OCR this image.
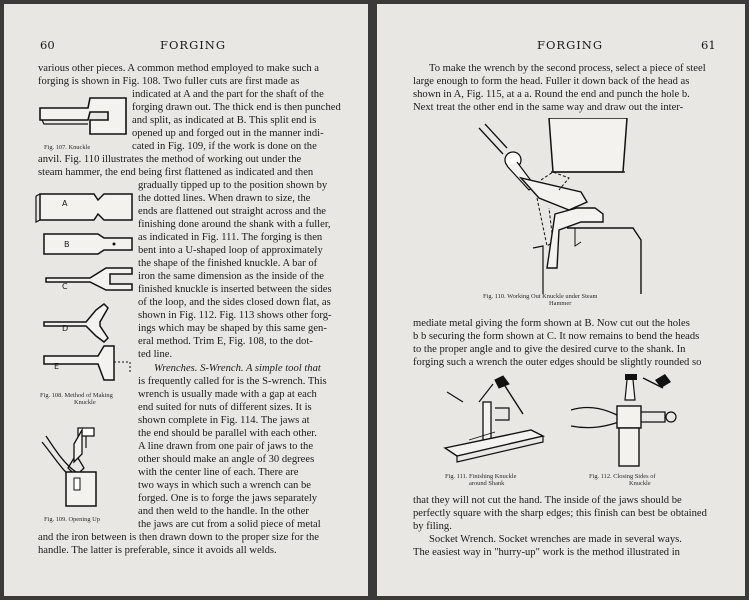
60	FORGING
various other pieces. A common method employed to make such a
forging is shown in Fig. 108. Two fuller cuts are first made as
indicated at A and the part for the shaft of the
forging drawn out. The thick end is then punched
and split, as indicated at B. This split end is
opened up and forged out in the manner indi-
cated in Fig. 109, if the work is done on the
anvil. Fig. 110 illustrates the method of working out under the
steam hammer, the end being first flattened as indicated and then
gradually tipped up to the position shown by
the dotted lines. When drawn to size, the
ends are flattened out straight across and the
finishing done around the shank with a fuller,
as indicated in Fig. 111. The forging is then
bent into a U-shaped loop of approximately
the shape of the finished knuckle. A bar of
iron the same dimension as the inside of the
finished knuckle is inserted between the sides
of the loop, and the sides closed down flat, as
shown in Fig. 112. Fig. 113 shows other forg-
ings which may be shaped by this same gen-
eral method. Trim E, Fig. 108, to the dot-
ted line.
Wrenches. S-Wrench. A simple tool that
is frequently called for is the S-wrench. This
wrench is usually made with a gap at each
end suited for nuts of different sizes. It is
shown complete in Fig. 114. The jaws at
the end should be parallel with each other.
A line drawn from one pair of jaws to the
other should make an angle of 30 degrees
with the center line of each. There are
two ways in which such a wrench can be
forged. One is to forge the jaws separately
and then weld to the handle. In the other
the jaws are cut from a solid piece of metal
and the iron between is then drawn down to the proper size for the
handle. The latter is preferable, since it avoids all welds.
Fig. 107. Knuckle
A
B
C
D
E
Fig. 108. Method of Making
Knuckle
Fig. 109. Opening Up
FORGING	61
To make the wrench by the second process, select a piece of steel
large enough to form the head. Fuller it down back of the head as
shown in A, Fig. 115, at a a. Round the end and punch the hole b.
Next treat the other end in the same way and draw out the inter-
Fig. 110. Working Out Knuckle under Steam
Hammer
mediate metal giving the form shown at B. Now cut out the holes
b b securing the form shown at C. It now remains to bend the heads
to the proper angle and to give the desired curve to the shank. In
forging such a wrench the outer edges should be slightly rounded so
Fig. 111. Finishing Knuckle
around Shank
Fig. 112. Closing Sides of
Knuckle
that they will not cut the hand. The inside of the jaws should be
perfectly square with the sharp edges; this finish can best be obtained
by filing.
Socket Wrench. Socket wrenches are made in several ways.
The easiest way in "hurry-up" work is the method illustrated in
